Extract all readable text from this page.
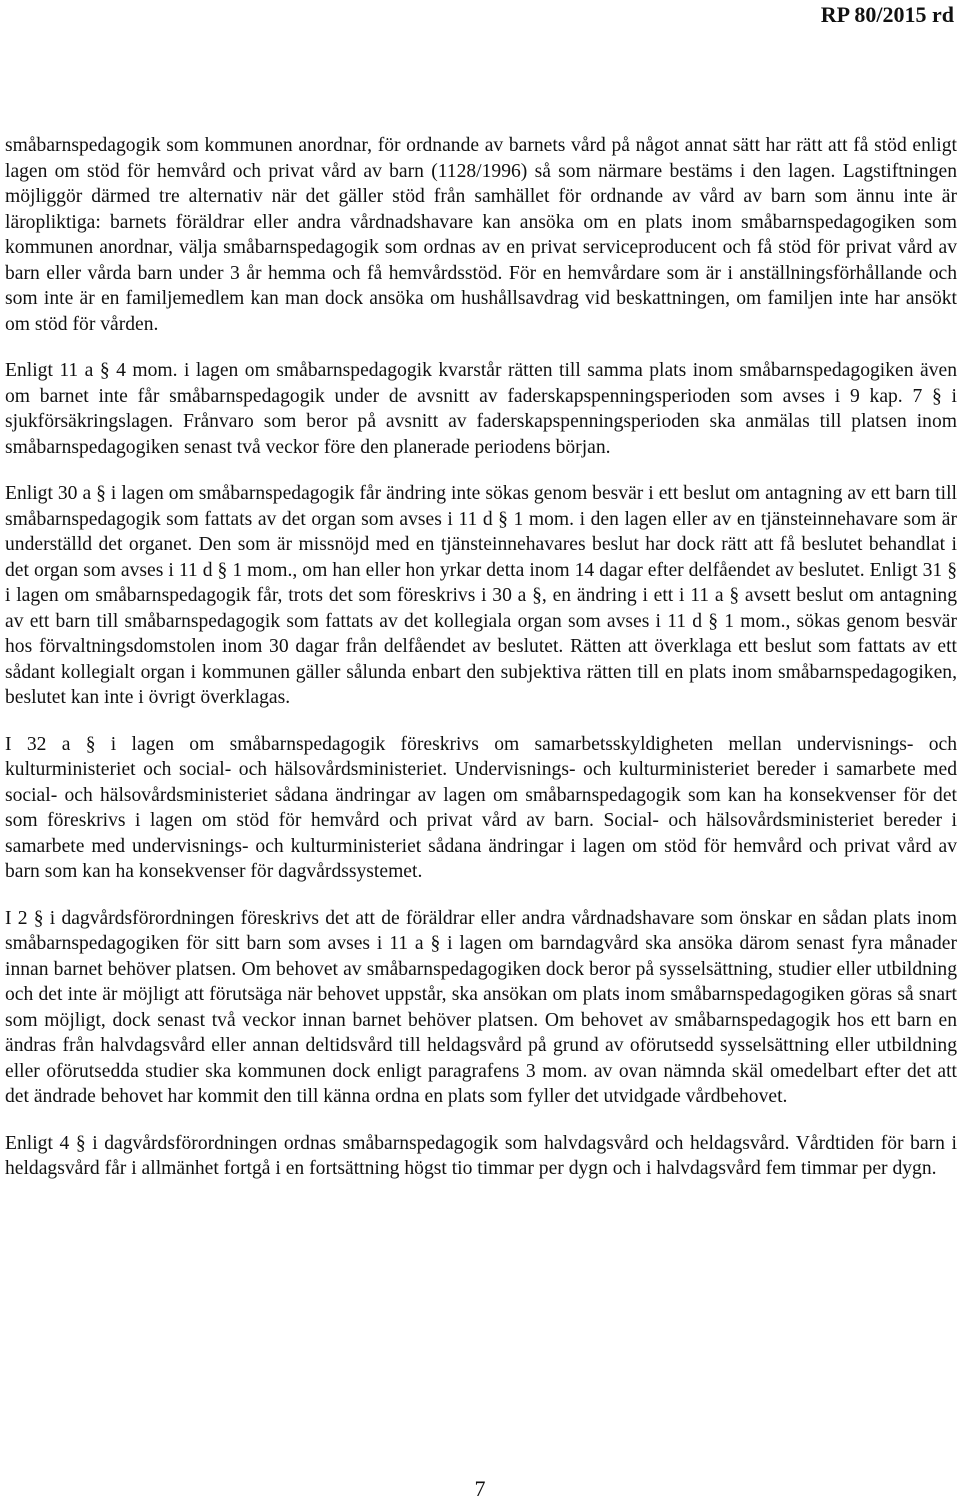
RP 80/2015 rd

småbarnspedagogik som kommunen anordnar, för ordnande av barnets vård på något annat sätt har rätt att få stöd enligt lagen om stöd för hemvård och privat vård av barn (1128/1996) så som närmare bestäms i den lagen. Lagstiftningen möjliggör därmed tre alternativ när det gäller stöd från samhället för ordnande av vård av barn som ännu inte är läropliktiga: barnets föräldrar eller andra vårdnadshavare kan ansöka om en plats inom småbarnspedagogiken som kommunen anordnar, välja småbarnspedagogik som ordnas av en privat serviceproducent och få stöd för privat vård av barn eller vårda barn under 3 år hemma och få hemvårdsstöd. För en hemvårdare som är i anställningsförhållande och som inte är en familjemedlem kan man dock ansöka om hushållsavdrag vid beskattningen, om familjen inte har ansökt om stöd för vården.

Enligt 11 a § 4 mom. i lagen om småbarnspedagogik kvarstår rätten till samma plats inom småbarnspedagogiken även om barnet inte får småbarnspedagogik under de avsnitt av faderskapspenningsperioden som avses i 9 kap. 7 § i sjukförsäkringslagen. Frånvaro som beror på avsnitt av faderskapspenningsperioden ska anmälas till platsen inom småbarnspedagogiken senast två veckor före den planerade periodens början.

Enligt 30 a § i lagen om småbarnspedagogik får ändring inte sökas genom besvär i ett beslut om antagning av ett barn till småbarnspedagogik som fattats av det organ som avses i 11 d § 1 mom. i den lagen eller av en tjänsteinnehavare som är underställd det organet. Den som är missnöjd med en tjänsteinnehavares beslut har dock rätt att få beslutet behandlat i det organ som avses i 11 d § 1 mom., om han eller hon yrkar detta inom 14 dagar efter delfåendet av beslutet. Enligt 31 § i lagen om småbarnspedagogik får, trots det som föreskrivs i 30 a §, en ändring i ett i 11 a § avsett beslut om antagning av ett barn till småbarnspedagogik som fattats av det kollegiala organ som avses i 11 d § 1 mom., sökas genom besvär hos förvaltningsdomstolen inom 30 dagar från delfåendet av beslutet. Rätten att överklaga ett beslut som fattats av ett sådant kollegialt organ i kommunen gäller sålunda enbart den subjektiva rätten till en plats inom småbarnspedagogiken, beslutet kan inte i övrigt överklagas.

I 32 a § i lagen om småbarnspedagogik föreskrivs om samarbetsskyldigheten mellan undervisnings- och kulturministeriet och social- och hälsovårdsministeriet. Undervisnings- och kulturministeriet bereder i samarbete med social- och hälsovårdsministeriet sådana ändringar av lagen om småbarnspedagogik som kan ha konsekvenser för det som föreskrivs i lagen om stöd för hemvård och privat vård av barn. Social- och hälsovårdsministeriet bereder i samarbete med undervisnings- och kulturministeriet sådana ändringar i lagen om stöd för hemvård och privat vård av barn som kan ha konsekvenser för dagvårdssystemet.

I 2 § i dagvårdsförordningen föreskrivs det att de föräldrar eller andra vårdnadshavare som önskar en sådan plats inom småbarnspedagogiken för sitt barn som avses i 11 a § i lagen om barndagvård ska ansöka därom senast fyra månader innan barnet behöver platsen. Om behovet av småbarnspedagogiken dock beror på sysselsättning, studier eller utbildning och det inte är möjligt att förutsäga när behovet uppstår, ska ansökan om plats inom småbarnspedagogiken göras så snart som möjligt, dock senast två veckor innan barnet behöver platsen. Om behovet av småbarnspedagogik hos ett barn en ändras från halvdagsvård eller annan deltidsvård till heldagsvård på grund av oförutsedd sysselsättning eller utbildning eller oförutsedda studier ska kommunen dock enligt paragrafens 3 mom. av ovan nämnda skäl omedelbart efter det att det ändrade behovet har kommit den till känna ordna en plats som fyller det utvidgade vårdbehovet.

Enligt 4 § i dagvårdsförordningen ordnas småbarnspedagogik som halvdagsvård och heldagsvård. Vårdtiden för barn i heldagsvård får i allmänhet fortgå i en fortsättning högst tio timmar per dygn och i halvdagsvård fem timmar per dygn.

7
